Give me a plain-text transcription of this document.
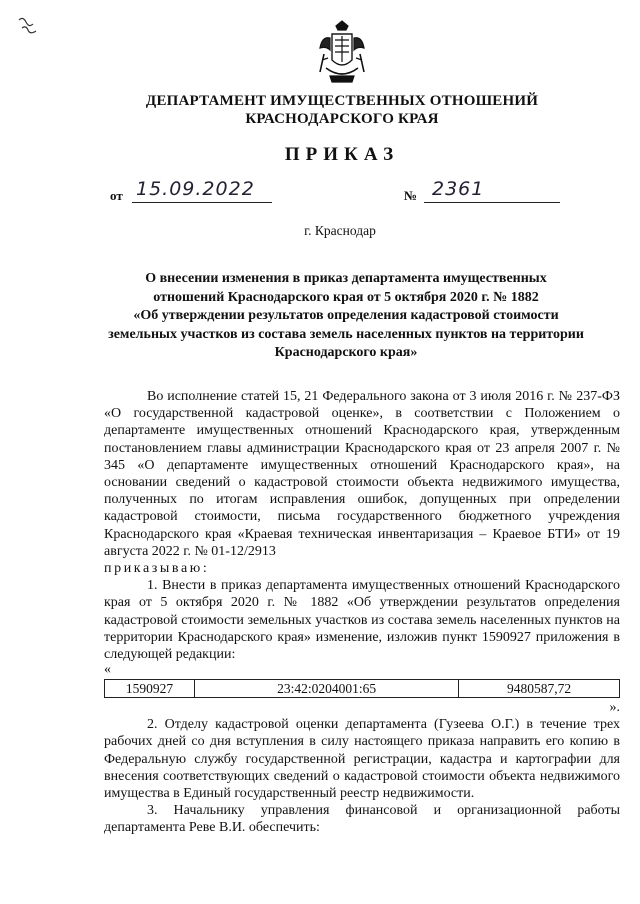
ДЕПАРТАМЕНТ ИМУЩЕСТВЕННЫХ ОТНОШЕНИЙ
КРАСНОДАРСКОГО КРАЯ
ПРИКАЗ
от 15.09.2022	№ 2361
г. Краснодар
О внесении изменения в приказ департамента имущественных
отношений Краснодарского края от 5 октября 2020 г. № 1882
«Об утверждении результатов определения кадастровой стоимости
земельных участков из состава земель населенных пунктов на территории
Краснодарского края»

Во исполнение статей 15, 21 Федерального закона от 3 июля 2016 г. № 237-ФЗ «О государственной кадастровой оценке», в соответствии с Положением о департаменте имущественных отношений Краснодарского края, утвержденным постановлением главы администрации Краснодарского края от 23 апреля 2007 г. № 345 «О департаменте имущественных отношений Краснодарского края», на основании сведений о кадастровой стоимости объекта недвижимого имущества, полученных по итогам исправления ошибок, допущенных при определении кадастровой стоимости, письма государственного бюджетного учреждения Краснодарского края «Краевая техническая инвентаризация – Краевое БТИ» от 19 августа 2022 г. № 01-12/2913

приказываю:

1. Внести в приказ департамента имущественных отношений Краснодарского края от 5 октября 2020 г. № 1882 «Об утверждении результатов определения кадастровой стоимости земельных участков из состава земель населенных пунктов на территории Краснодарского края» изменение, изложив пункт 1590927 приложения в следующей редакции:

«

1590927	23:42:0204001:65	9480587,72

».

2. Отделу кадастровой оценки департамента (Гузеева О.Г.) в течение трех рабочих дней со дня вступления в силу настоящего приказа направить его копию в Федеральную службу государственной регистрации, кадастра и картографии для внесения соответствующих сведений о кадастровой стоимости объекта недвижимого имущества в Единый государственный реестр недвижимости.

3. Начальнику управления финансовой и организационной работы департамента Реве В.И. обеспечить:
